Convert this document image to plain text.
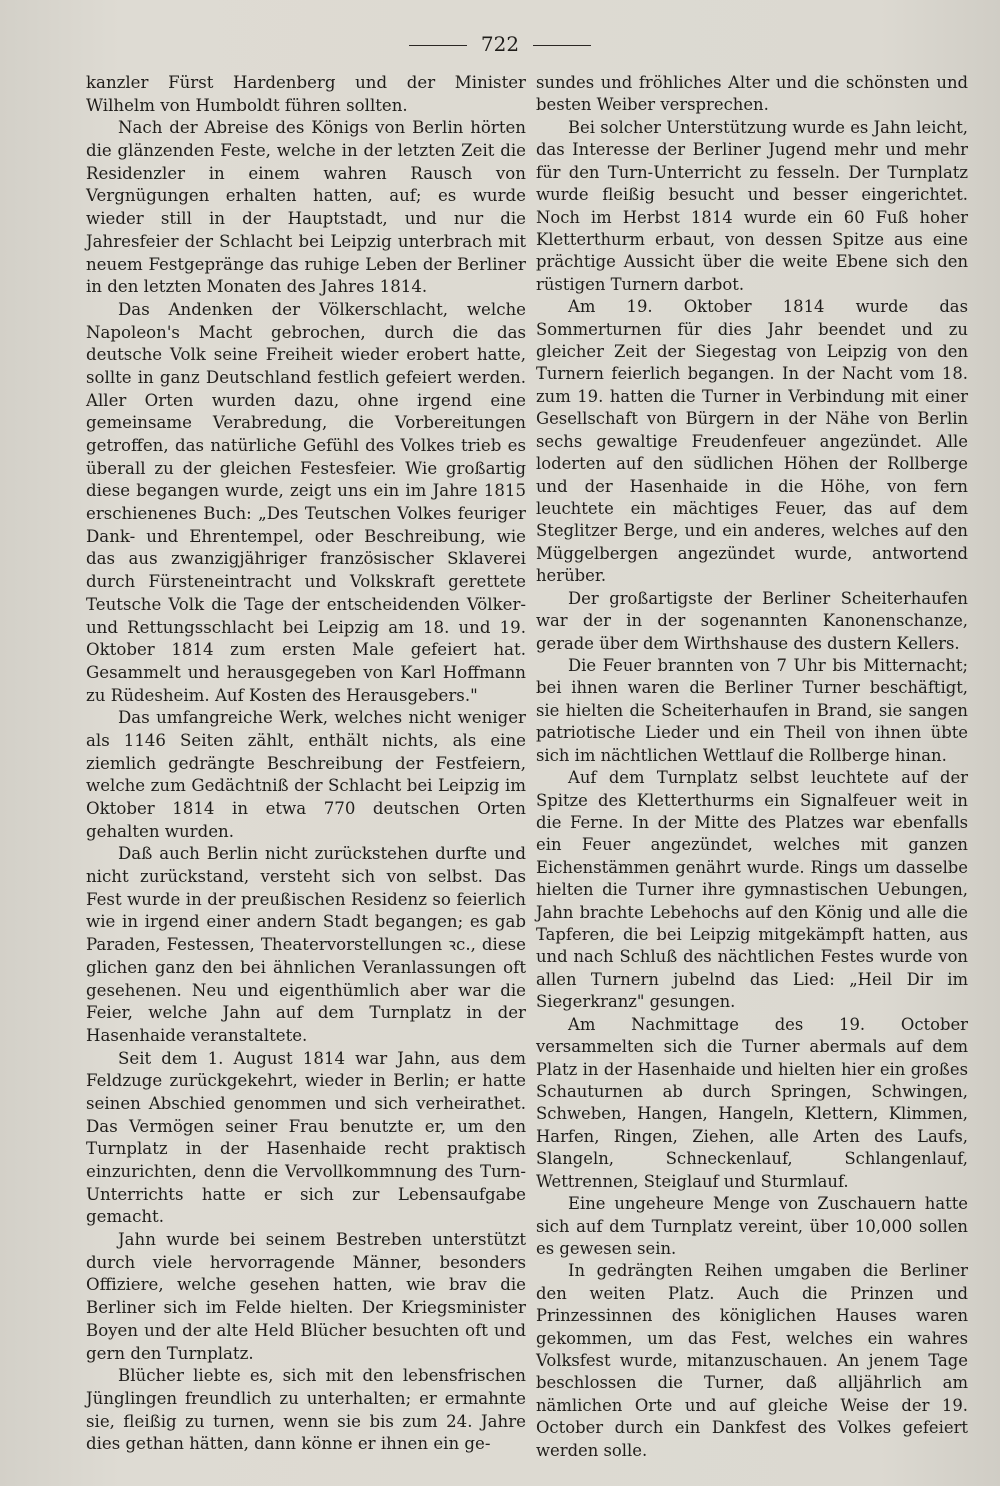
722

kanzler Fürst Hardenberg und der Minister Wilhelm von Humboldt führen sollten.

Nach der Abreise des Königs von Berlin hörten die glänzenden Feste, welche in der letzten Zeit die Residenzler in einem wahren Rausch von Vergnügungen erhalten hatten, auf; es wurde wieder still in der Hauptstadt, und nur die Jahresfeier der Schlacht bei Leipzig unterbrach mit neuem Festgepränge das ruhige Leben der Berliner in den letzten Monaten des Jahres 1814.

Das Andenken der Völkerschlacht, welche Napoleon's Macht gebrochen, durch die das deutsche Volk seine Freiheit wieder erobert hatte, sollte in ganz Deutschland festlich gefeiert werden. Aller Orten wurden dazu, ohne irgend eine gemeinsame Verabredung, die Vorbereitungen getroffen, das natürliche Gefühl des Volkes trieb es überall zu der gleichen Festesfeier. Wie großartig diese begangen wurde, zeigt uns ein im Jahre 1815 erschienenes Buch: „Des Teutschen Volkes feuriger Dank- und Ehrentempel, oder Beschreibung, wie das aus zwanzigjähriger französischer Sklaverei durch Fürsteneintracht und Volkskraft gerettete Teutsche Volk die Tage der entscheidenden Völker- und Rettungsschlacht bei Leipzig am 18. und 19. Oktober 1814 zum ersten Male gefeiert hat. Gesammelt und herausgegeben von Karl Hoffmann zu Rüdesheim. Auf Kosten des Herausgebers."

Das umfangreiche Werk, welches nicht weniger als 1146 Seiten zählt, enthält nichts, als eine ziemlich gedrängte Beschreibung der Festfeiern, welche zum Gedächtniß der Schlacht bei Leipzig im Oktober 1814 in etwa 770 deutschen Orten gehalten wurden.

Daß auch Berlin nicht zurückstehen durfte und nicht zurückstand, versteht sich von selbst. Das Fest wurde in der preußischen Residenz so feierlich wie in irgend einer andern Stadt begangen; es gab Paraden, Festessen, Theatervorstellungen ꝛc., diese glichen ganz den bei ähnlichen Veranlassungen oft gesehenen. Neu und eigenthümlich aber war die Feier, welche Jahn auf dem Turnplatz in der Hasenhaide veranstaltete.

Seit dem 1. August 1814 war Jahn, aus dem Feldzuge zurückgekehrt, wieder in Berlin; er hatte seinen Abschied genommen und sich verheirathet. Das Vermögen seiner Frau benutzte er, um den Turnplatz in der Hasenhaide recht praktisch einzurichten, denn die Vervollkommnung des Turn-Unterrichts hatte er sich zur Lebensaufgabe gemacht.

Jahn wurde bei seinem Bestreben unterstützt durch viele hervorragende Männer, besonders Offiziere, welche gesehen hatten, wie brav die Berliner sich im Felde hielten. Der Kriegsminister Boyen und der alte Held Blücher besuchten oft und gern den Turnplatz.

Blücher liebte es, sich mit den lebensfrischen Jünglingen freundlich zu unterhalten; er ermahnte sie, fleißig zu turnen, wenn sie bis zum 24. Jahre dies gethan hätten, dann könne er ihnen ein ge-

sundes und fröhliches Alter und die schönsten und besten Weiber versprechen.

Bei solcher Unterstützung wurde es Jahn leicht, das Interesse der Berliner Jugend mehr und mehr für den Turn-Unterricht zu fesseln. Der Turnplatz wurde fleißig besucht und besser eingerichtet. Noch im Herbst 1814 wurde ein 60 Fuß hoher Kletterthurm erbaut, von dessen Spitze aus eine prächtige Aussicht über die weite Ebene sich den rüstigen Turnern darbot.

Am 19. Oktober 1814 wurde das Sommerturnen für dies Jahr beendet und zu gleicher Zeit der Siegestag von Leipzig von den Turnern feierlich begangen. In der Nacht vom 18. zum 19. hatten die Turner in Verbindung mit einer Gesellschaft von Bürgern in der Nähe von Berlin sechs gewaltige Freudenfeuer angezündet. Alle loderten auf den südlichen Höhen der Rollberge und der Hasenhaide in die Höhe, von fern leuchtete ein mächtiges Feuer, das auf dem Steglitzer Berge, und ein anderes, welches auf den Müggelbergen angezündet wurde, antwortend herüber.

Der großartigste der Berliner Scheiterhaufen war der in der sogenannten Kanonenschanze, gerade über dem Wirthshause des dustern Kellers.

Die Feuer brannten von 7 Uhr bis Mitternacht; bei ihnen waren die Berliner Turner beschäftigt, sie hielten die Scheiterhaufen in Brand, sie sangen patriotische Lieder und ein Theil von ihnen übte sich im nächtlichen Wettlauf die Rollberge hinan.

Auf dem Turnplatz selbst leuchtete auf der Spitze des Kletterthurms ein Signalfeuer weit in die Ferne. In der Mitte des Platzes war ebenfalls ein Feuer angezündet, welches mit ganzen Eichenstämmen genährt wurde. Rings um dasselbe hielten die Turner ihre gymnastischen Uebungen, Jahn brachte Lebehochs auf den König und alle die Tapferen, die bei Leipzig mitgekämpft hatten, aus und nach Schluß des nächtlichen Festes wurde von allen Turnern jubelnd das Lied: „Heil Dir im Siegerkranz" gesungen.

Am Nachmittage des 19. October versammelten sich die Turner abermals auf dem Platz in der Hasenhaide und hielten hier ein großes Schauturnen ab durch Springen, Schwingen, Schweben, Hangen, Hangeln, Klettern, Klimmen, Harfen, Ringen, Ziehen, alle Arten des Laufs, Slangeln, Schneckenlauf, Schlangenlauf, Wettrennen, Steiglauf und Sturmlauf.

Eine ungeheure Menge von Zuschauern hatte sich auf dem Turnplatz vereint, über 10,000 sollen es gewesen sein.

In gedrängten Reihen umgaben die Berliner den weiten Platz. Auch die Prinzen und Prinzessinnen des königlichen Hauses waren gekommen, um das Fest, welches ein wahres Volksfest wurde, mitanzuschauen. An jenem Tage beschlossen die Turner, daß alljährlich am nämlichen Orte und auf gleiche Weise der 19. October durch ein Dankfest des Volkes gefeiert werden solle.
